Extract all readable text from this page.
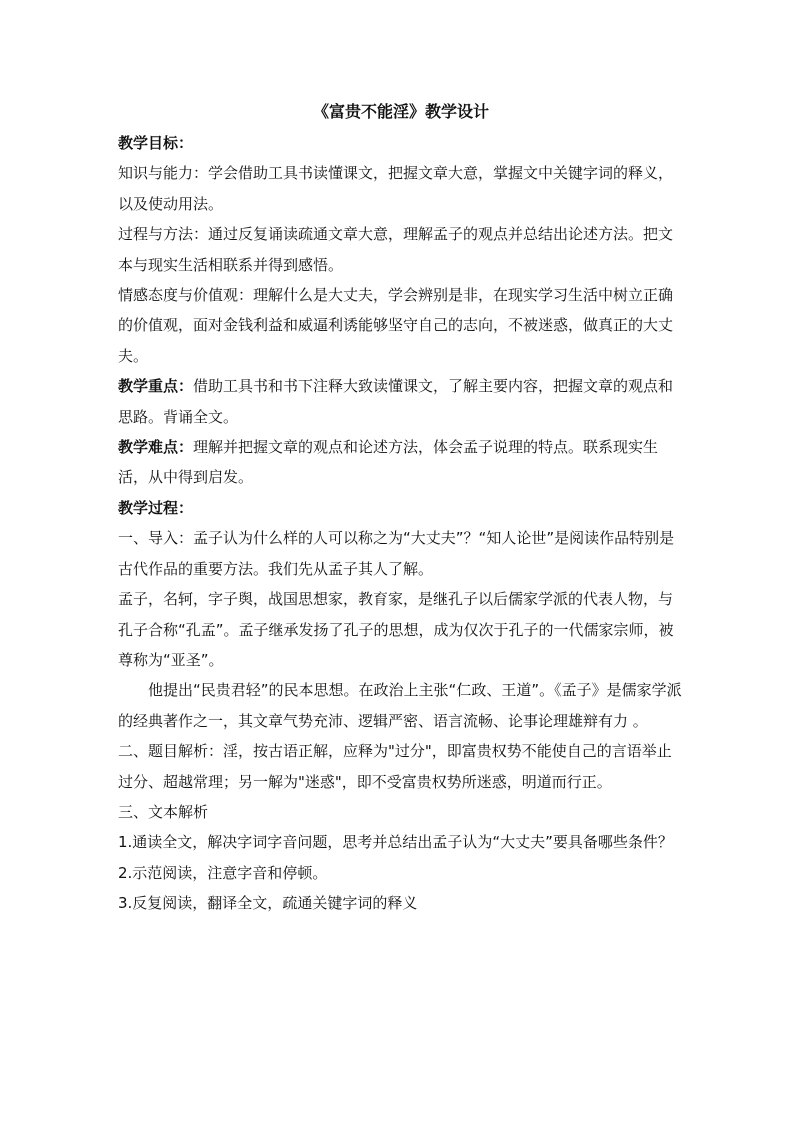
《富贵不能淫》教学设计

教学目标：

知识与能力：学会借助工具书读懂课文，把握文章大意，掌握文中关键字词的释义，以及使动用法。

过程与方法：通过反复诵读疏通文章大意，理解孟子的观点并总结出论述方法。把文本与现实生活相联系并得到感悟。

情感态度与价值观：理解什么是大丈夫，学会辨别是非，在现实学习生活中树立正确的价值观，面对金钱利益和威逼利诱能够坚守自己的志向，不被迷惑，做真正的大丈夫。

教学重点：借助工具书和书下注释大致读懂课文，了解主要内容，把握文章的观点和思路。背诵全文。

教学难点：理解并把握文章的观点和论述方法，体会孟子说理的特点。联系现实生活，从中得到启发。

教学过程：

一、导入：孟子认为什么样的人可以称之为“大丈夫”？“知人论世”是阅读作品特别是古代作品的重要方法。我们先从孟子其人了解。

孟子，名轲，字子舆，战国思想家，教育家，是继孔子以后儒家学派的代表人物，与孔子合称“孔孟”。孟子继承发扬了孔子的思想，成为仅次于孔子的一代儒家宗师，被尊称为“亚圣”。

他提出“民贵君轻”的民本思想。在政治上主张“仁政、王道”。《孟子》是儒家学派的经典著作之一，其文章气势充沛、逻辑严密、语言流畅、论事论理雄辩有力 。

二、题目解析：淫，按古语正解，应释为"过分"，即富贵权势不能使自己的言语举止过分、超越常理；另一解为"迷惑"，即不受富贵权势所迷惑，明道而行正。

三、文本解析

1.通读全文，解决字词字音问题，思考并总结出孟子认为“大丈夫”要具备哪些条件？

2.示范阅读，注意字音和停顿。

3.反复阅读，翻译全文，疏通关键字词的释义
